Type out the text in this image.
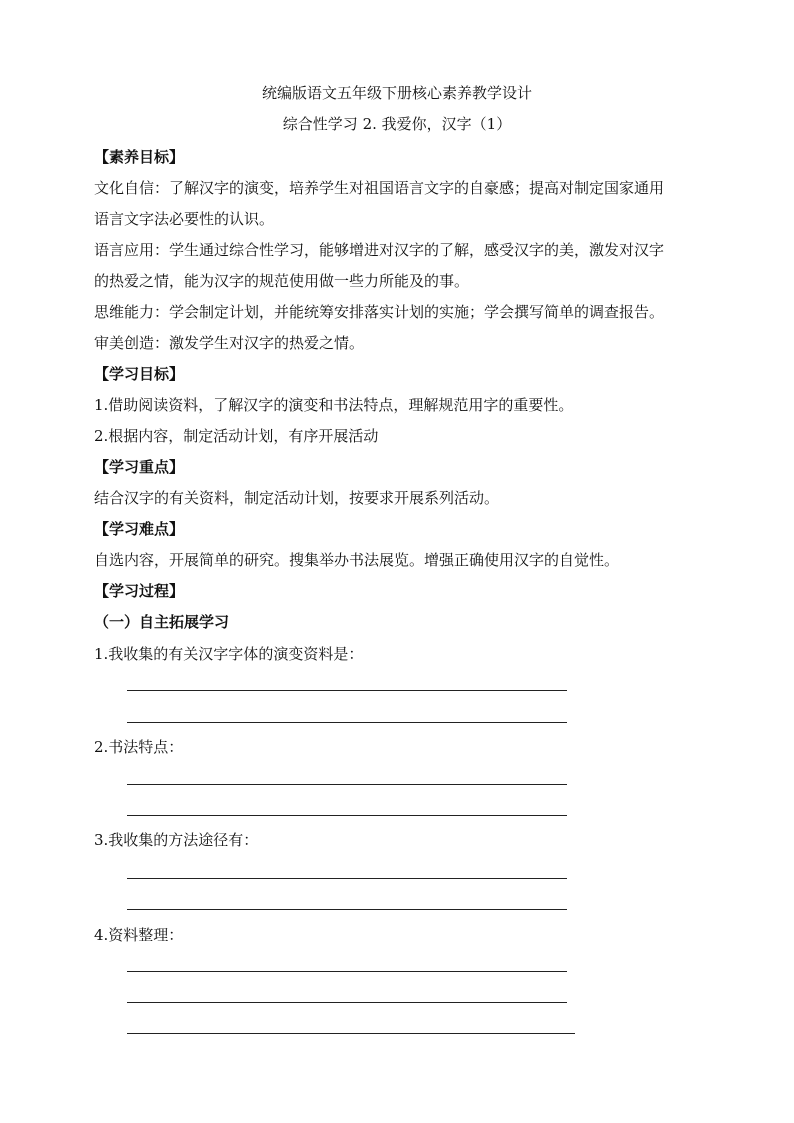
统编版语文五年级下册核心素养教学设计
综合性学习 2. 我爱你，汉字（1）
【素养目标】
文化自信：了解汉字的演变，培养学生对祖国语言文字的自豪感；提高对制定国家通用
语言文字法必要性的认识。
语言应用：学生通过综合性学习，能够增进对汉字的了解，感受汉字的美，激发对汉字
的热爱之情，能为汉字的规范使用做一些力所能及的事。
思维能力：学会制定计划，并能统筹安排落实计划的实施；学会撰写简单的调查报告。
审美创造：激发学生对汉字的热爱之情。
【学习目标】
1.借助阅读资料，了解汉字的演变和书法特点，理解规范用字的重要性。
2.根据内容，制定活动计划，有序开展活动
【学习重点】
结合汉字的有关资料，制定活动计划，按要求开展系列活动。
【学习难点】
自选内容，开展简单的研究。搜集举办书法展览。增强正确使用汉字的自觉性。
【学习过程】
（一）自主拓展学习
1.我收集的有关汉字字体的演变资料是：
2.书法特点：
3.我收集的方法途径有：
4.资料整理：
